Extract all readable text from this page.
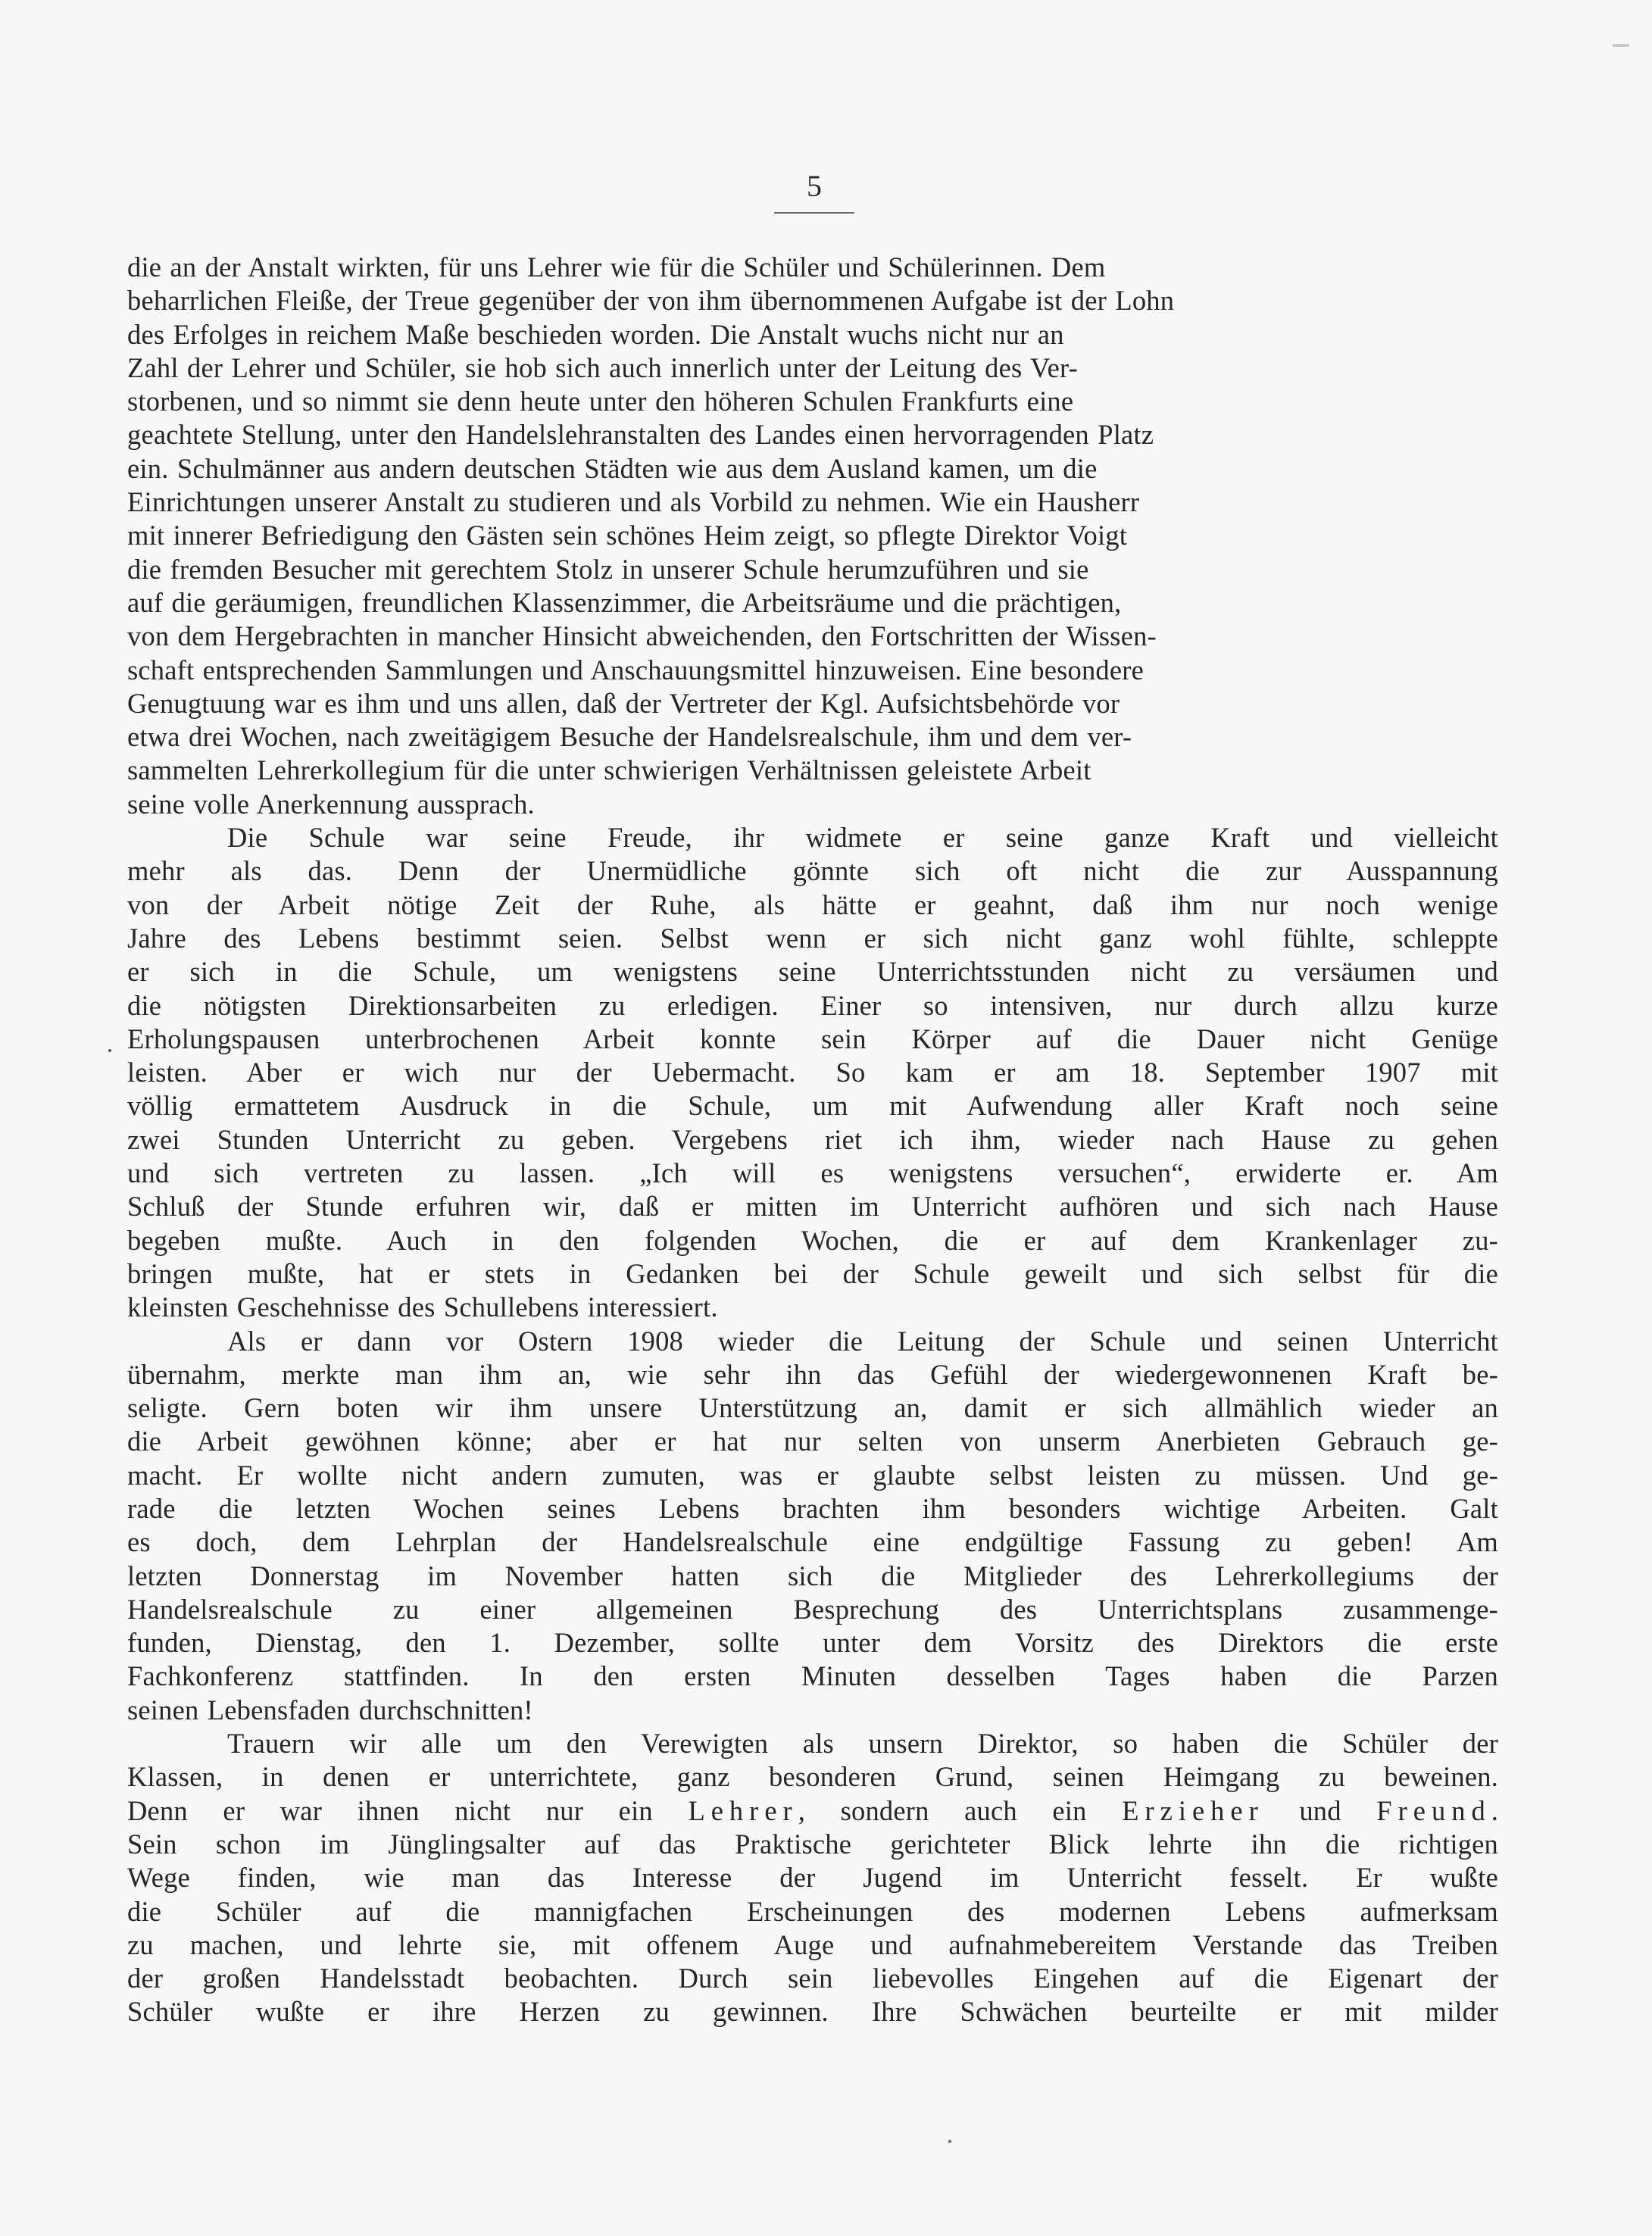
5
die an der Anstalt wirkten, für uns Lehrer wie für die Schüler und Schülerinnen. Dem
beharrlichen Fleiße, der Treue gegenüber der von ihm übernommenen Aufgabe ist der Lohn
des Erfolges in reichem Maße beschieden worden. Die Anstalt wuchs nicht nur an
Zahl der Lehrer und Schüler, sie hob sich auch innerlich unter der Leitung des Ver-
storbenen, und so nimmt sie denn heute unter den höheren Schulen Frankfurts eine
geachtete Stellung, unter den Handelslehranstalten des Landes einen hervorragenden Platz
ein. Schulmänner aus andern deutschen Städten wie aus dem Ausland kamen, um die
Einrichtungen unserer Anstalt zu studieren und als Vorbild zu nehmen. Wie ein Hausherr
mit innerer Befriedigung den Gästen sein schönes Heim zeigt, so pflegte Direktor Voigt
die fremden Besucher mit gerechtem Stolz in unserer Schule herumzuführen und sie
auf die geräumigen, freundlichen Klassenzimmer, die Arbeitsräume und die prächtigen,
von dem Hergebrachten in mancher Hinsicht abweichenden, den Fortschritten der Wissen-
schaft entsprechenden Sammlungen und Anschauungsmittel hinzuweisen. Eine besondere
Genugtuung war es ihm und uns allen, daß der Vertreter der Kgl. Aufsichtsbehörde vor
etwa drei Wochen, nach zweitägigem Besuche der Handelsrealschule, ihm und dem ver-
sammelten Lehrerkollegium für die unter schwierigen Verhältnissen geleistete Arbeit
seine volle Anerkennung aussprach.
Die Schule war seine Freude, ihr widmete er seine ganze Kraft und vielleicht
mehr als das. Denn der Unermüdliche gönnte sich oft nicht die zur Ausspannung
von der Arbeit nötige Zeit der Ruhe, als hätte er geahnt, daß ihm nur noch wenige
Jahre des Lebens bestimmt seien. Selbst wenn er sich nicht ganz wohl fühlte, schleppte
er sich in die Schule, um wenigstens seine Unterrichtsstunden nicht zu versäumen und
die nötigsten Direktionsarbeiten zu erledigen. Einer so intensiven, nur durch allzu kurze
Erholungspausen unterbrochenen Arbeit konnte sein Körper auf die Dauer nicht Genüge
leisten. Aber er wich nur der Uebermacht. So kam er am 18. September 1907 mit
völlig ermattetem Ausdruck in die Schule, um mit Aufwendung aller Kraft noch seine
zwei Stunden Unterricht zu geben. Vergebens riet ich ihm, wieder nach Hause zu gehen
und sich vertreten zu lassen. „Ich will es wenigstens versuchen“, erwiderte er. Am
Schluß der Stunde erfuhren wir, daß er mitten im Unterricht aufhören und sich nach Hause
begeben mußte. Auch in den folgenden Wochen, die er auf dem Krankenlager zu-
bringen mußte, hat er stets in Gedanken bei der Schule geweilt und sich selbst für die
kleinsten Geschehnisse des Schullebens interessiert.
Als er dann vor Ostern 1908 wieder die Leitung der Schule und seinen Unterricht
übernahm, merkte man ihm an, wie sehr ihn das Gefühl der wiedergewonnenen Kraft be-
seligte. Gern boten wir ihm unsere Unterstützung an, damit er sich allmählich wieder an
die Arbeit gewöhnen könne; aber er hat nur selten von unserm Anerbieten Gebrauch ge-
macht. Er wollte nicht andern zumuten, was er glaubte selbst leisten zu müssen. Und ge-
rade die letzten Wochen seines Lebens brachten ihm besonders wichtige Arbeiten. Galt
es doch, dem Lehrplan der Handelsrealschule eine endgültige Fassung zu geben! Am
letzten Donnerstag im November hatten sich die Mitglieder des Lehrerkollegiums der
Handelsrealschule zu einer allgemeinen Besprechung des Unterrichtsplans zusammenge-
funden, Dienstag, den 1. Dezember, sollte unter dem Vorsitz des Direktors die erste
Fachkonferenz stattfinden. In den ersten Minuten desselben Tages haben die Parzen
seinen Lebensfaden durchschnitten!
Trauern wir alle um den Verewigten als unsern Direktor, so haben die Schüler der
Klassen, in denen er unterrichtete, ganz besonderen Grund, seinen Heimgang zu beweinen.
Denn er war ihnen nicht nur ein Lehrer, sondern auch ein Erzieher und Freund.
Sein schon im Jünglingsalter auf das Praktische gerichteter Blick lehrte ihn die richtigen
Wege finden, wie man das Interesse der Jugend im Unterricht fesselt. Er wußte
die Schüler auf die mannigfachen Erscheinungen des modernen Lebens aufmerksam
zu machen, und lehrte sie, mit offenem Auge und aufnahmebereitem Verstande das Treiben
der großen Handelsstadt beobachten. Durch sein liebevolles Eingehen auf die Eigenart der
Schüler wußte er ihre Herzen zu gewinnen. Ihre Schwächen beurteilte er mit milder
